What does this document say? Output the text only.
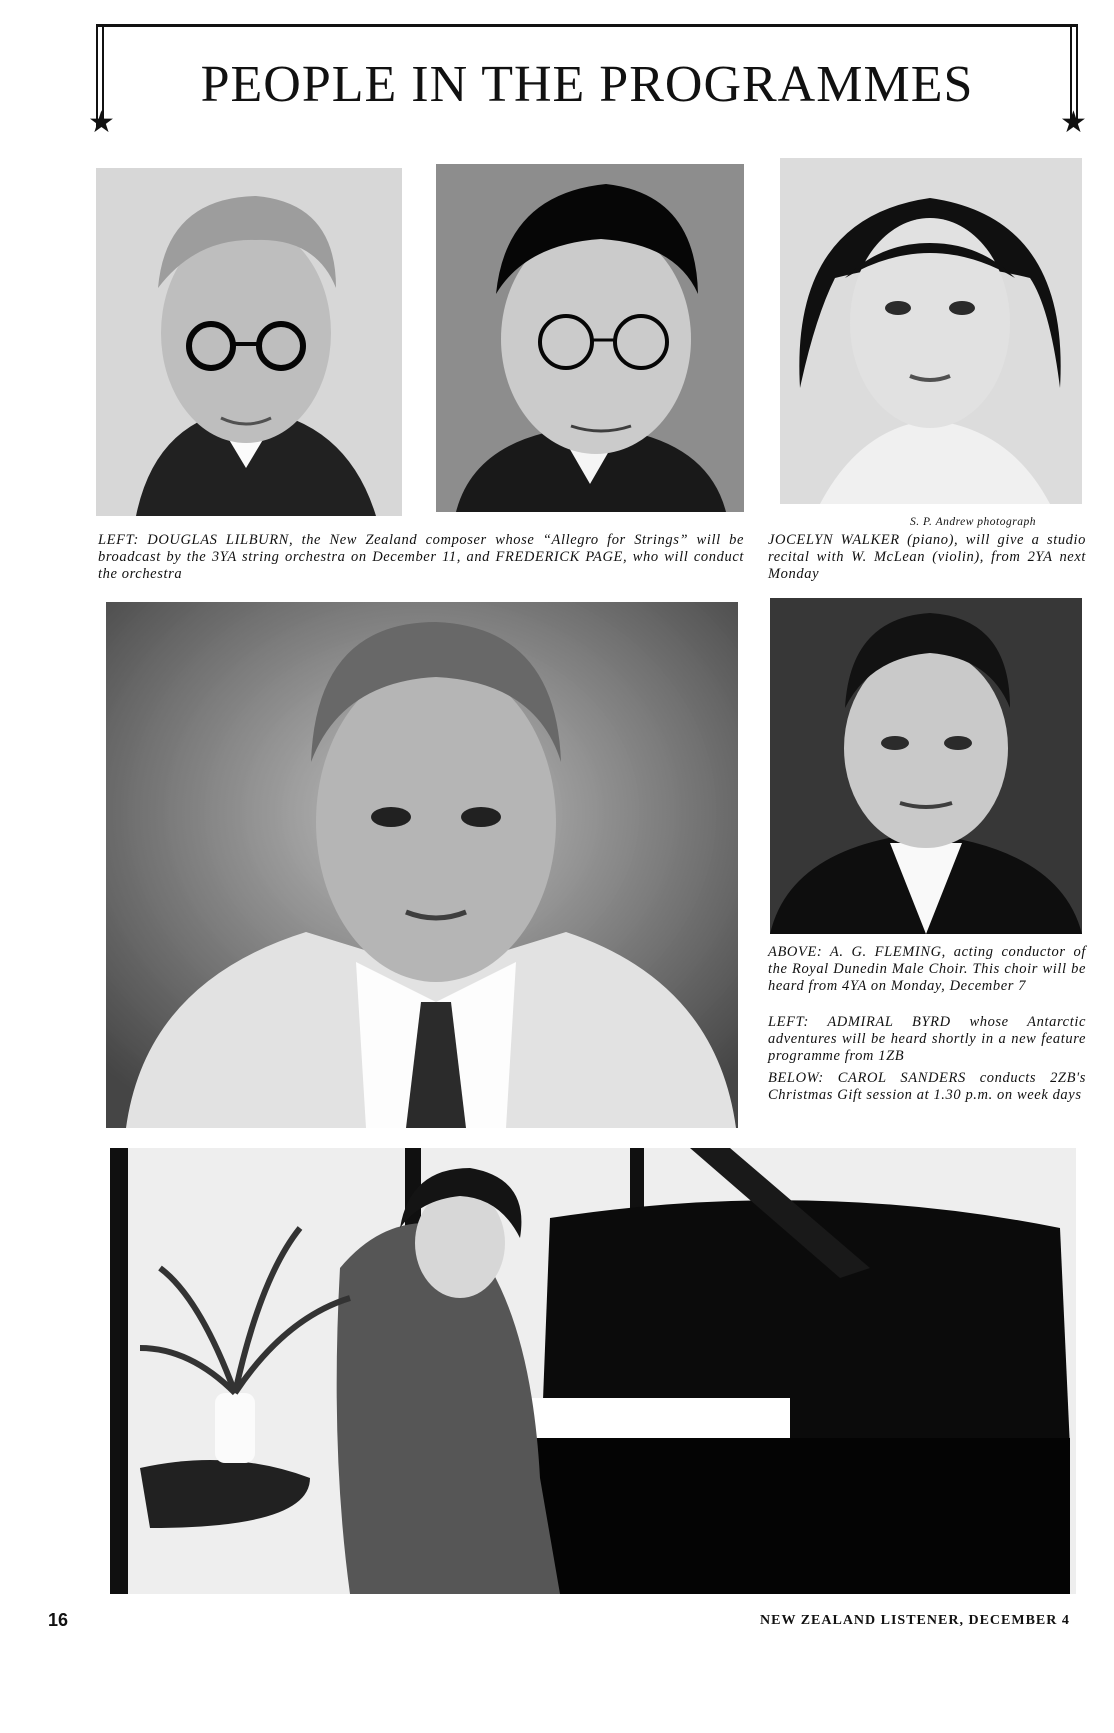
PEOPLE IN THE PROGRAMMES
★	★
LEFT: DOUGLAS LILBURN, the New Zealand composer whose “Allegro for Strings” will be broadcast by the 3YA string orchestra on December 11, and FREDERICK PAGE, who will conduct the orchestra
S. P. Andrew photograph
JOCELYN WALKER (piano), will give a studio recital with W. McLean (violin), from 2YA next Monday
ABOVE: A. G. FLEMING, acting conductor of the Royal Dunedin Male Choir. This choir will be heard from 4YA on Monday, December 7
LEFT: ADMIRAL BYRD whose Antarctic adventures will be heard shortly in a new feature programme from 1ZB
BELOW: CAROL SANDERS conducts 2ZB's Christmas Gift session at 1.30 p.m. on week days
16	NEW ZEALAND LISTENER, DECEMBER 4
